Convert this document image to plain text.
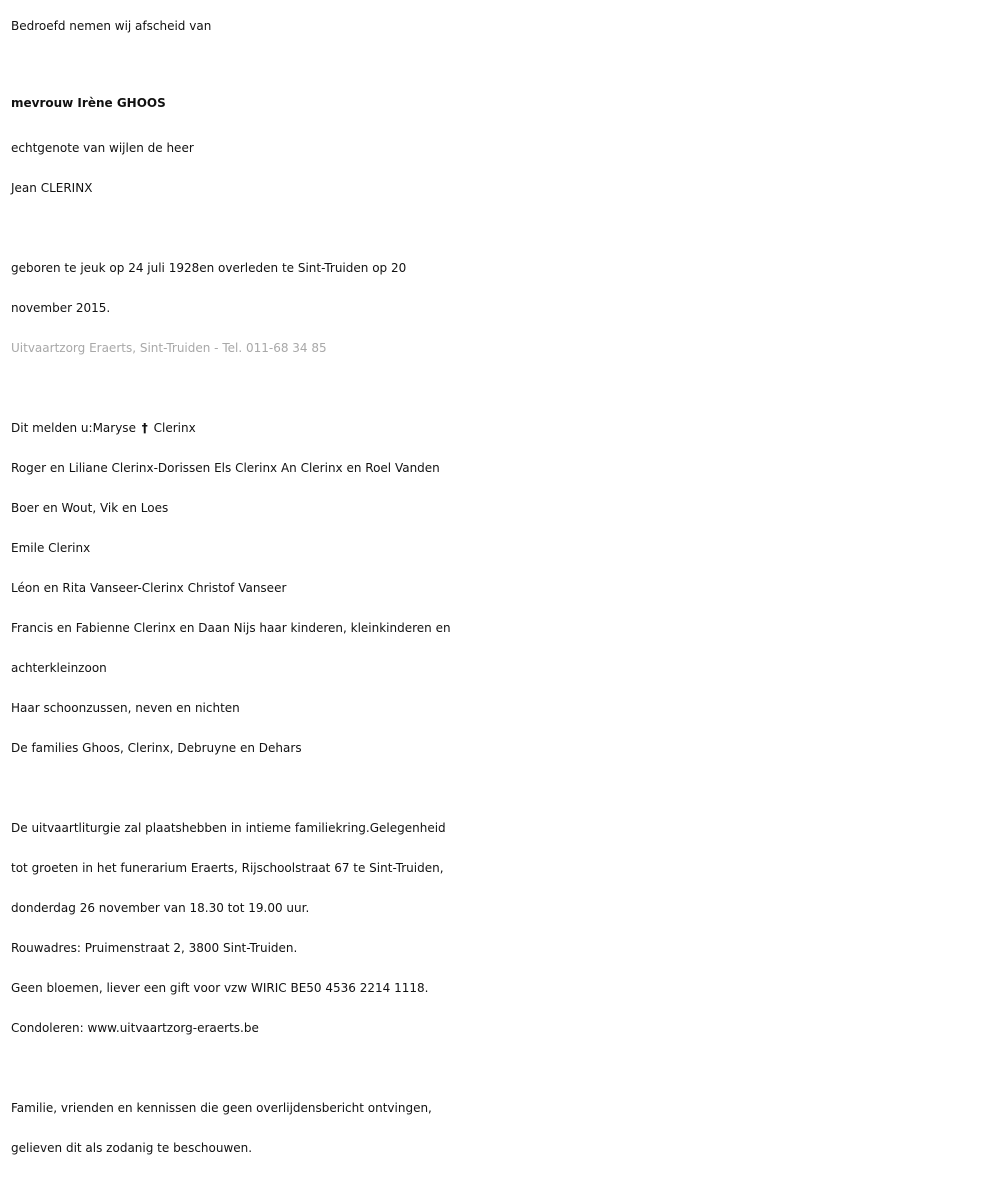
Bedroefd nemen wij afscheid van
mevrouw Irène GHOOS
echtgenote van wijlen de heer
Jean CLERINX
geboren te jeuk op 24 juli 1928en overleden te Sint-Truiden op 20
november 2015.
Uitvaartzorg Eraerts, Sint-Truiden - Tel. 011-68 34 85
Dit melden u:Maryse † Clerinx
Roger en Liliane Clerinx-Dorissen Els Clerinx An Clerinx en Roel Vanden
Boer en Wout, Vik en Loes
Emile Clerinx
Léon en Rita Vanseer-Clerinx Christof Vanseer
Francis en Fabienne Clerinx en Daan Nijs haar kinderen, kleinkinderen en
achterkleinzoon
Haar schoonzussen, neven en nichten
De families Ghoos, Clerinx, Debruyne en Dehars
De uitvaartliturgie zal plaatshebben in intieme familiekring.Gelegenheid
tot groeten in het funerarium Eraerts, Rijschoolstraat 67 te Sint-Truiden,
donderdag 26 november van 18.30 tot 19.00 uur.
Rouwadres: Pruimenstraat 2, 3800 Sint-Truiden.
Geen bloemen, liever een gift voor vzw WIRIC BE50 4536 2214 1118.
Condoleren: www.uitvaartzorg-eraerts.be
Familie, vrienden en kennissen die geen overlijdensbericht ontvingen,
gelieven dit als zodanig te beschouwen.
